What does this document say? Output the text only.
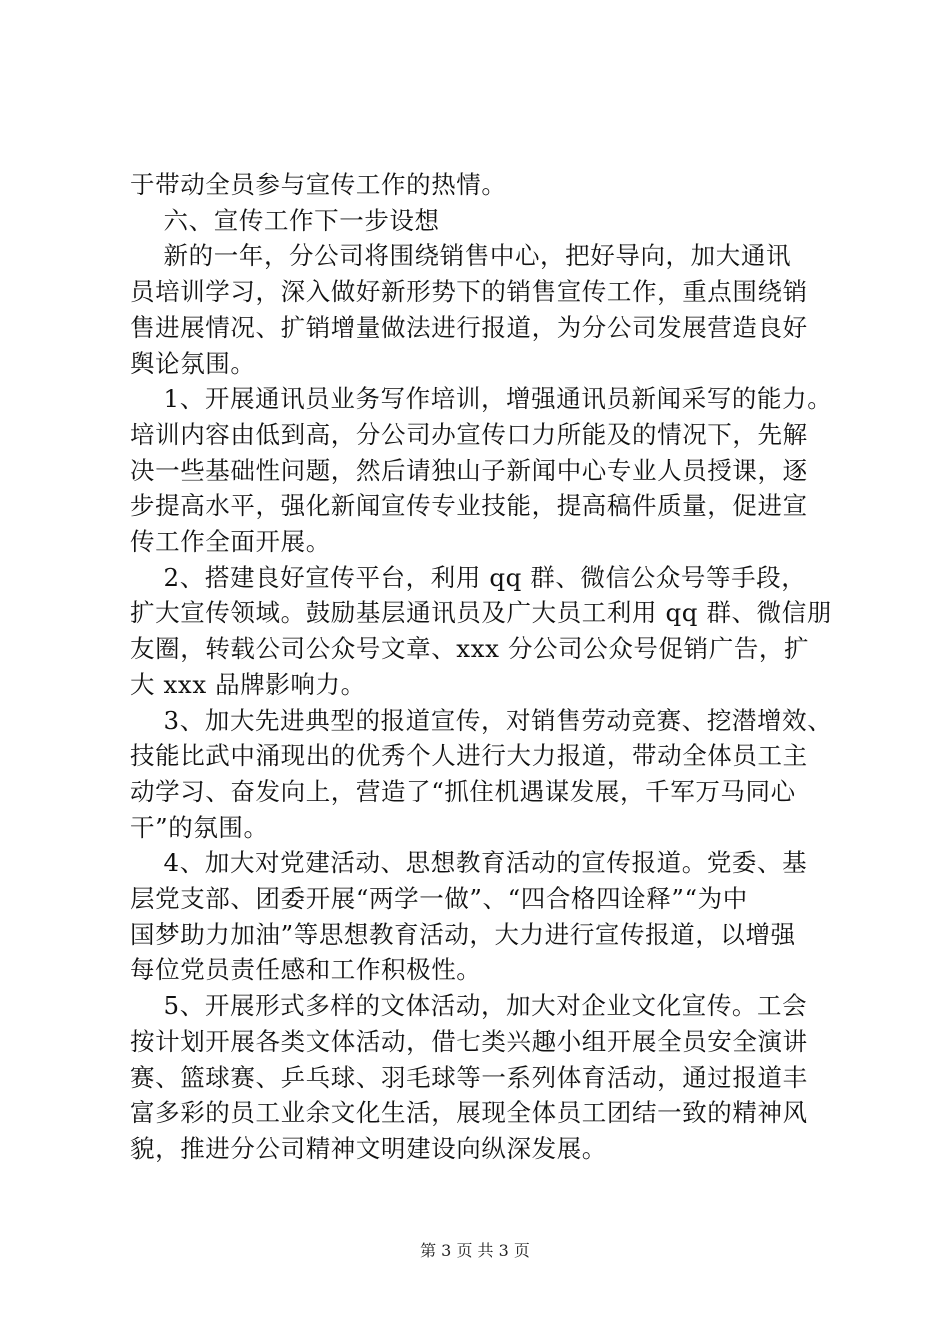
于带动全员参与宣传工作的热情。
六、宣传工作下一步设想
新的一年，分公司将围绕销售中心，把好导向，加大通讯
员培训学习，深入做好新形势下的销售宣传工作，重点围绕销
售进展情况、扩销增量做法进行报道，为分公司发展营造良好
舆论氛围。
1、开展通讯员业务写作培训，增强通讯员新闻采写的能力。
培训内容由低到高，分公司办宣传口力所能及的情况下，先解
决一些基础性问题，然后请独山子新闻中心专业人员授课，逐
步提高水平，强化新闻宣传专业技能，提高稿件质量，促进宣
传工作全面开展。
2、搭建良好宣传平台，利用 qq 群、微信公众号等手段，
扩大宣传领域。鼓励基层通讯员及广大员工利用 qq 群、微信朋
友圈，转载公司公众号文章、xxx 分公司公众号促销广告，扩
大 xxx 品牌影响力。
3、加大先进典型的报道宣传，对销售劳动竞赛、挖潜增效、
技能比武中涌现出的优秀个人进行大力报道，带动全体员工主
动学习、奋发向上，营造了“抓住机遇谋发展，千军万马同心
干”的氛围。
4、加大对党建活动、思想教育活动的宣传报道。党委、基
层党支部、团委开展“两学一做”、“四合格四诠释”“为中
国梦助力加油”等思想教育活动，大力进行宣传报道，以增强
每位党员责任感和工作积极性。
5、开展形式多样的文体活动，加大对企业文化宣传。工会
按计划开展各类文体活动，借七类兴趣小组开展全员安全演讲
赛、篮球赛、乒乓球、羽毛球等一系列体育活动，通过报道丰
富多彩的员工业余文化生活，展现全体员工团结一致的精神风
貌，推进分公司精神文明建设向纵深发展。
第 3 页 共 3 页
